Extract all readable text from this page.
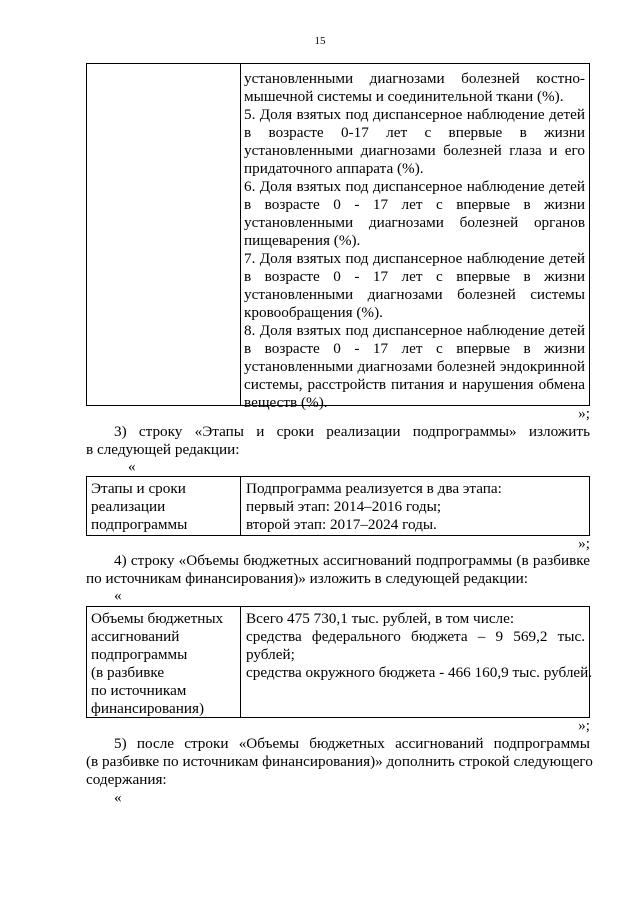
15
установленными диагнозами болезней костно-
мышечной системы и соединительной ткани (%).
5. Доля взятых под диспансерное наблюдение детей
в возрасте 0-17 лет с впервые в жизни
установленными диагнозами болезней глаза и его
придаточного аппарата (%).
6. Доля взятых под диспансерное наблюдение детей
в возрасте 0 - 17 лет с впервые в жизни
установленными диагнозами болезней органов
пищеварения (%).
7. Доля взятых под диспансерное наблюдение детей
в возрасте 0 - 17 лет с впервые в жизни
установленными диагнозами болезней системы
кровообращения (%).
8. Доля взятых под диспансерное наблюдение детей
в возрасте 0 - 17 лет с впервые в жизни
установленными диагнозами болезней эндокринной
системы, расстройств питания и нарушения обмена
веществ (%).
»;
3) строку «Этапы и сроки реализации подпрограммы» изложить
в следующей редакции:
«
Этапы и сроки
реализации
подпрограммы
Подпрограмма реализуется в два этапа:
первый этап: 2014–2016 годы;
второй этап: 2017–2024 годы.
»;
4) строку «Объемы бюджетных ассигнований подпрограммы (в разбивке
по источникам финансирования)» изложить в следующей редакции:
«
Объемы бюджетных
ассигнований
подпрограммы
(в разбивке
по источникам
финансирования)
Всего 475 730,1 тыс. рублей, в том числе:
средства федерального бюджета – 9 569,2 тыс.
рублей;
средства окружного бюджета - 466 160,9 тыс. рублей.
»;
5) после строки «Объемы бюджетных ассигнований подпрограммы
(в разбивке по источникам финансирования)» дополнить строкой следующего
содержания:
«
